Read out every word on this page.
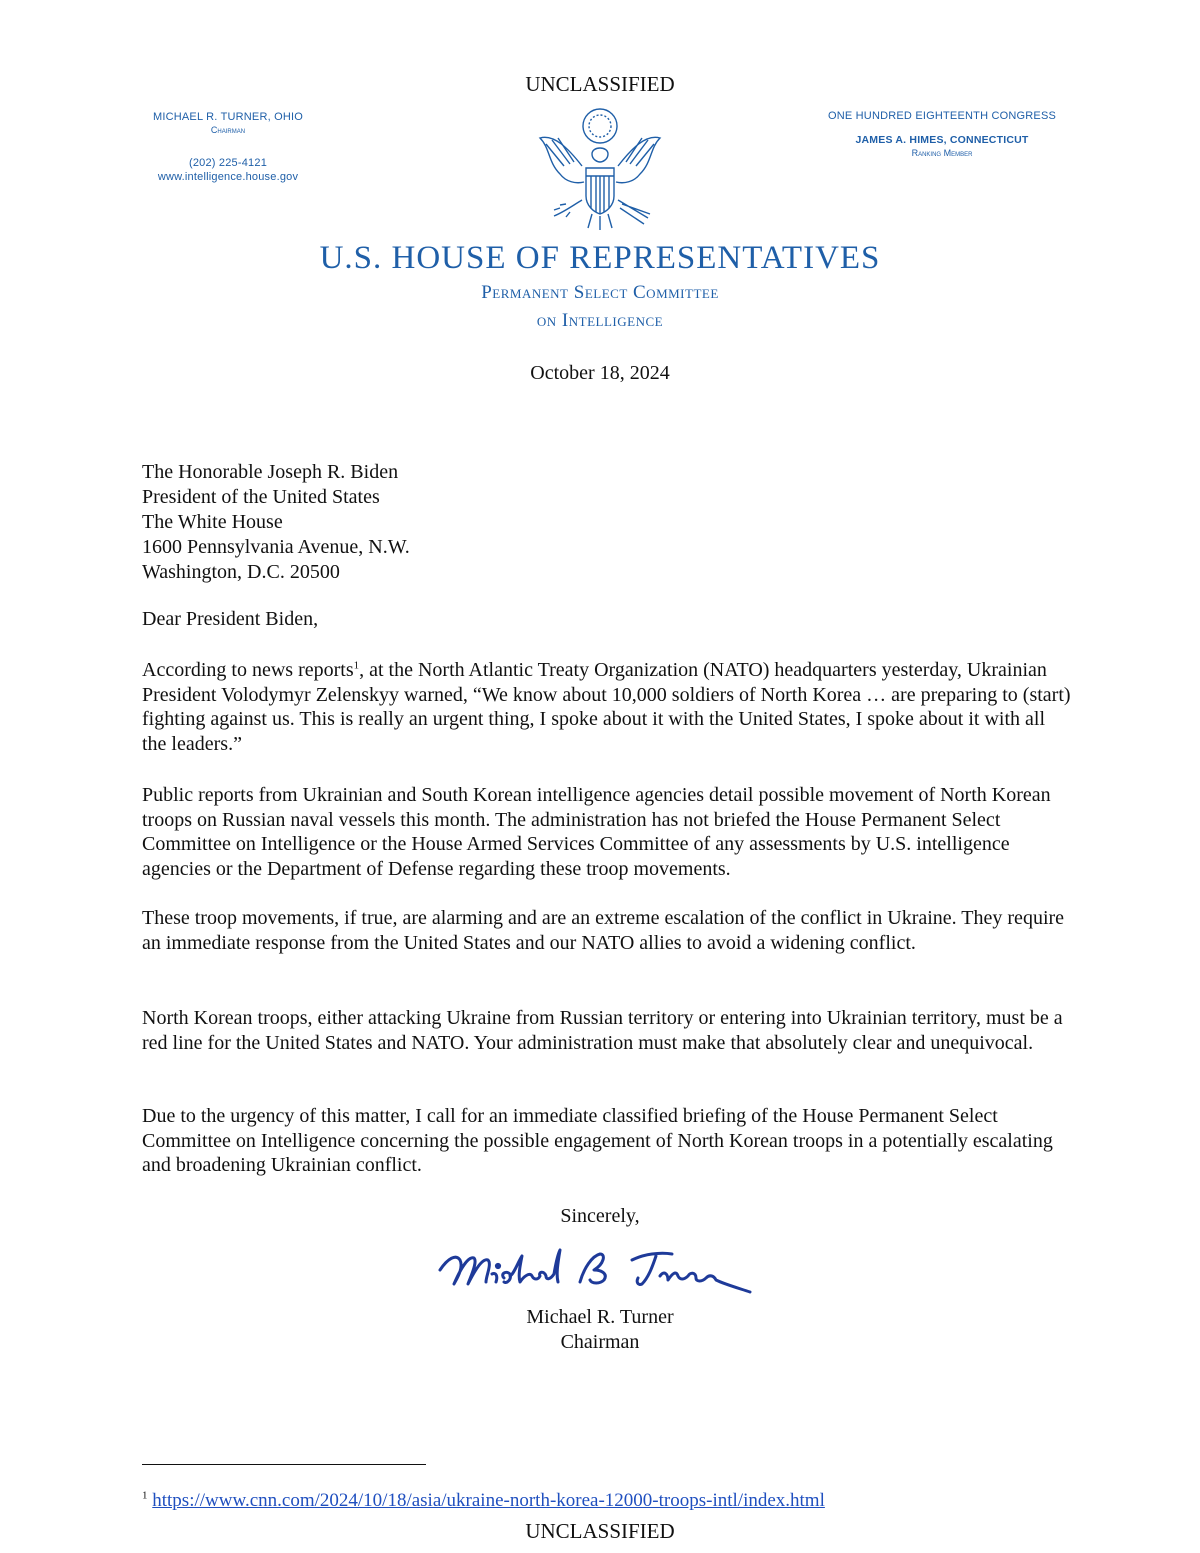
UNCLASSIFIED
MICHAEL R. TURNER, OHIO
Chairman
(202) 225-4121
www.intelligence.house.gov
ONE HUNDRED EIGHTEENTH CONGRESS
JAMES A. HIMES, CONNECTICUT
Ranking Member
U.S. HOUSE OF REPRESENTATIVES
Permanent Select Committee
on Intelligence
October 18, 2024
The Honorable Joseph R. Biden
President of the United States
The White House
1600 Pennsylvania Avenue, N.W.
Washington, D.C. 20500
Dear President Biden,
According to news reports$^1$, at the North Atlantic Treaty Organization (NATO) headquarters yesterday, Ukrainian President Volodymyr Zelenskyy warned, “We know about 10,000 soldiers of North Korea … are preparing to (start) fighting against us. This is really an urgent thing, I spoke about it with the United States, I spoke about it with all the leaders.”
Public reports from Ukrainian and South Korean intelligence agencies detail possible movement of North Korean troops on Russian naval vessels this month. The administration has not briefed the House Permanent Select Committee on Intelligence or the House Armed Services Committee of any assessments by U.S. intelligence agencies or the Department of Defense regarding these troop movements.
These troop movements, if true, are alarming and are an extreme escalation of the conflict in Ukraine. They require an immediate response from the United States and our NATO allies to avoid a widening conflict.
North Korean troops, either attacking Ukraine from Russian territory or entering into Ukrainian territory, must be a red line for the United States and NATO. Your administration must make that absolutely clear and unequivocal.
Due to the urgency of this matter, I call for an immediate classified briefing of the House Permanent Select Committee on Intelligence concerning the possible engagement of North Korean troops in a potentially escalating and broadening Ukrainian conflict.
Sincerely,
Michael R. Turner
Chairman
$^1$ https://www.cnn.com/2024/10/18/asia/ukraine-north-korea-12000-troops-intl/index.html
UNCLASSIFIED
